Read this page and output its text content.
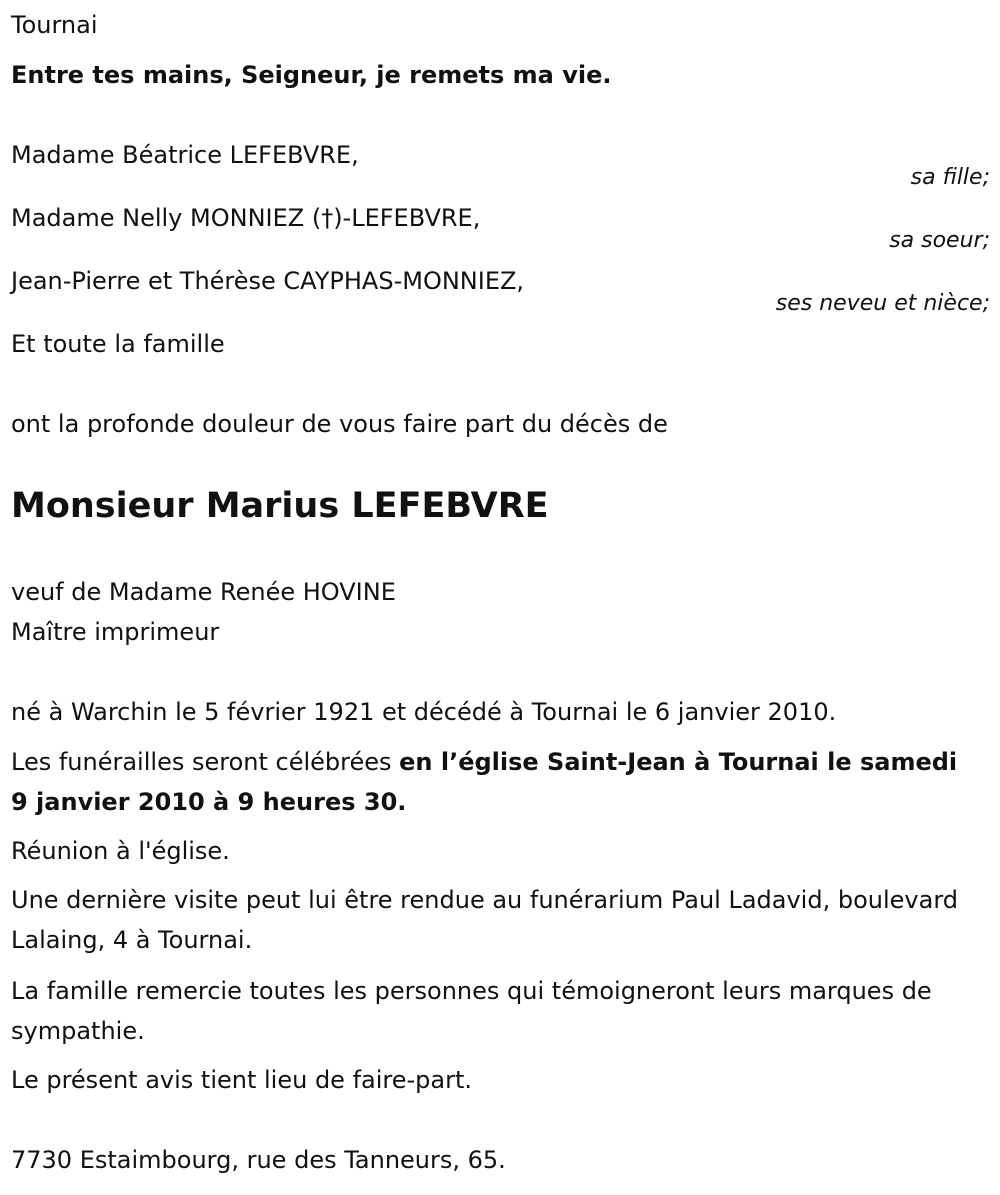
Tournai
Entre tes mains, Seigneur, je remets ma vie.
Madame Béatrice LEFEBVRE,
sa fille;
Madame Nelly MONNIEZ (†)-LEFEBVRE,
sa soeur;
Jean-Pierre et Thérèse CAYPHAS-MONNIEZ,
ses neveu et nièce;
Et toute la famille
ont la profonde douleur de vous faire part du décès de
Monsieur Marius LEFEBVRE
veuf de Madame Renée HOVINE
Maître imprimeur
né à Warchin le 5 février 1921 et décédé à Tournai le 6 janvier 2010.
Les funérailles seront célébrées en l’église Saint-Jean à Tournai le samedi 9 janvier 2010 à 9 heures 30.
Réunion à l'église.
Une dernière visite peut lui être rendue au funérarium Paul Ladavid, boulevard Lalaing, 4 à Tournai.
La famille remercie toutes les personnes qui témoigneront leurs marques de sympathie.
Le présent avis tient lieu de faire-part.
7730 Estaimbourg, rue des Tanneurs, 65.
